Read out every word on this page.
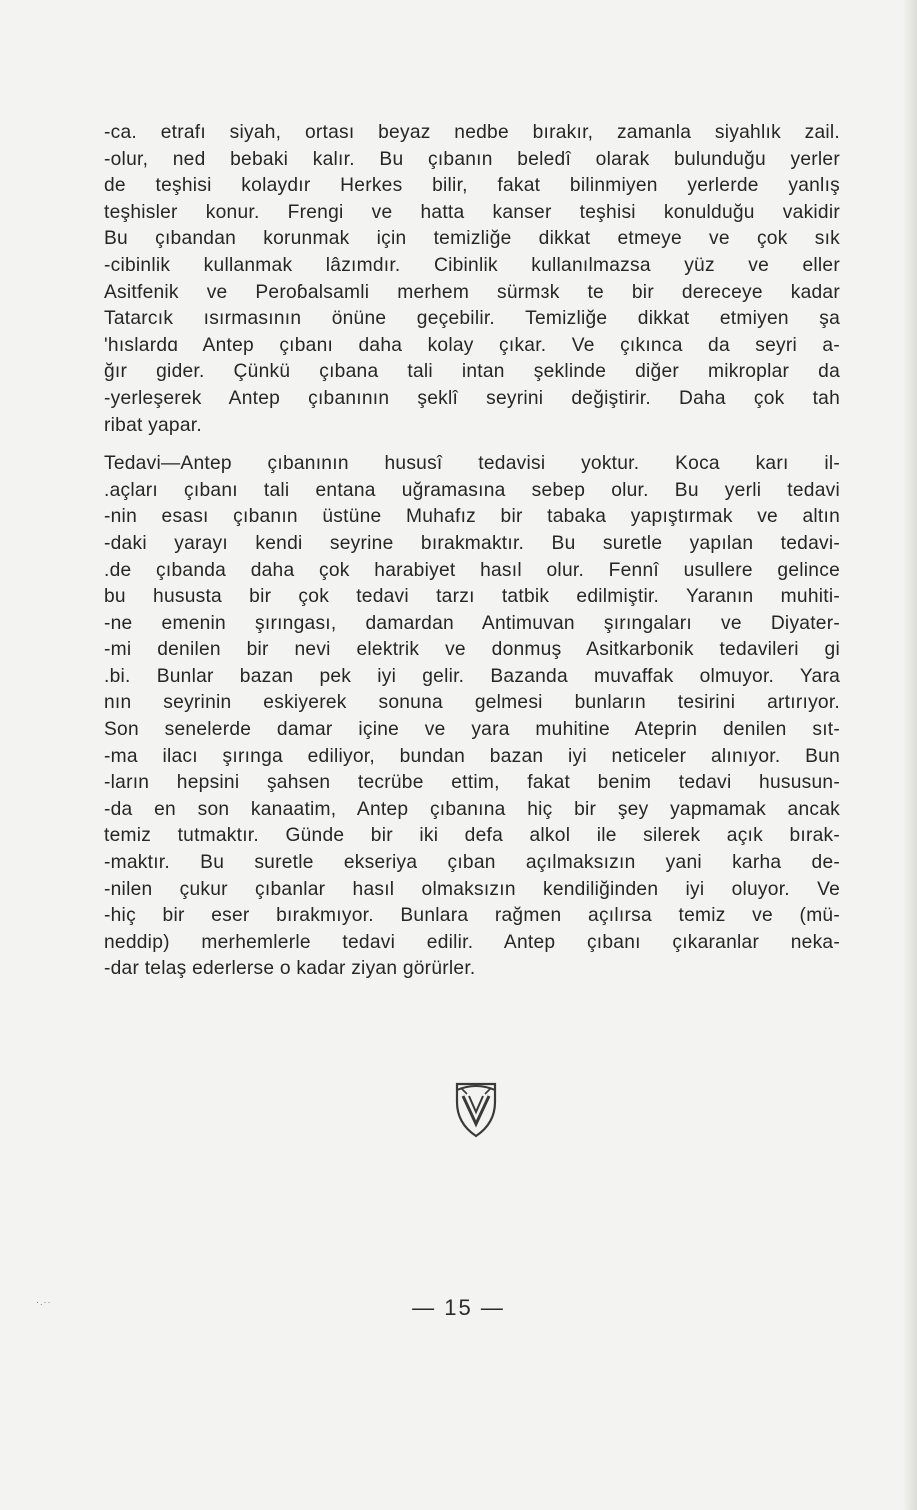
-ca. etrafı siyah, ortası beyaz nedbe bırakır, zamanla siyahlık zail.
-olur, ned bebaki kalır. Bu çıbanın beledî olarak bulunduğu yerler
de teşhisi kolaydır Herkes bilir, fakat bilinmiyen yerlerde yanlış
teşhisler konur. Frengi ve hatta kanser teşhisi konulduğu vakidir
Bu çıbandan korunmak için temizliğe dikkat etmeye ve çok sık
-cibinlik kullanmak lâzımdır. Cibinlik kullanılmazsa yüz ve eller
Asitfenik ve Peroɓalsamli merhem sürmɜk te bir dereceye kadar
Tatarcık ısırmasının önüne geçebilir. Temizliğe dikkat etmiyen şa
'hıslardɑ Antep çıbanı daha kolay çıkar. Ve çıkınca da seyri a-
ğır gider. Çünkü çıbana tali intan şeklinde diğer mikroplar da
-yerleşerek Antep çıbanının şeklî seyrini değiştirir. Daha çok tah
ribat yapar.
Tedavi—Antep çıbanının hususî tedavisi yoktur. Koca karı il-
.açları çıbanı tali entana uğramasına sebep olur. Bu yerli tedavi
-nin esası çıbanın üstüne Muhafız bir tabaka yapıştırmak ve altın
-daki yarayı kendi seyrine bırakmaktır. Bu suretle yapılan tedavi-
.de çıbanda daha çok harabiyet hasıl olur. Fennî usullere gelince
bu hususta bir çok tedavi tarzı tatbik edilmiştir. Yaranın muhiti-
-ne emenin şırıngası, damardan Antimuvan şırıngaları ve Diyater-
-mi denilen bir nevi elektrik ve donmuş Asitkarbonik tedavileri gi
.bi. Bunlar bazan pek iyi gelir. Bazanda muvaffak olmuyor. Yara
nın seyrinin eskiyerek sonuna gelmesi bunların tesirini artırıyor.
Son senelerde damar içine ve yara muhitine Ateprin denilen sıt-
-ma ilacı şırınga ediliyor, bundan bazan iyi neticeler alınıyor. Bun
-ların hepsini şahsen tecrübe ettim, fakat benim tedavi hususun-
-da en son kanaatim, Antep çıbanına hiç bir şey yapmamak ancak
temiz tutmaktır. Günde bir iki defa alkol ile silerek açık bırak-
-maktır. Bu suretle ekseriya çıban açılmaksızın yani karha de-
-nilen çukur çıbanlar hasıl olmaksızın kendiliğinden iyi oluyor. Ve
-hiç bir eser bırakmıyor. Bunlara rağmen açılırsa temiz ve (mü-
neddip) merhemlerle tedavi edilir. Antep çıbanı çıkaranlar neka-
-dar telaş ederlerse o kadar ziyan görürler.
— 15 —
·.··
